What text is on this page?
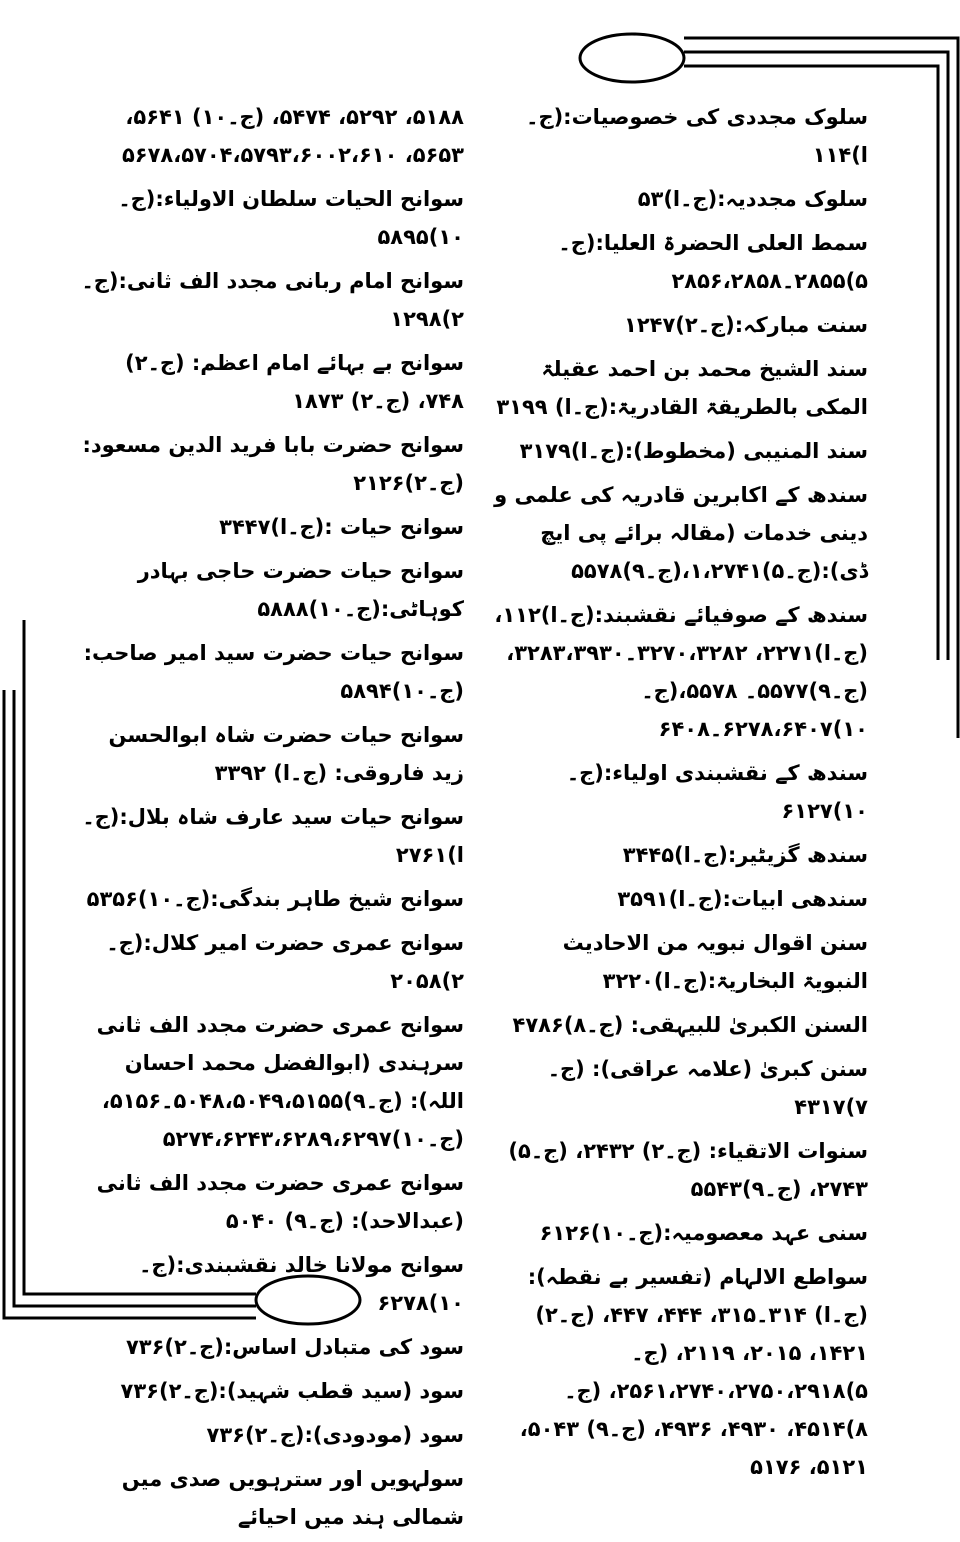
سلوک مجددی کی خصوصیات:(ج۔ا)۱۱۴
سلوک مجددیہ:(ج۔ا)۵۳
سمط العلی الحضرۃ العلیا:(ج۔۵)۲۸۵۵۔۲۸۵۶،۲۸۵۸
سنت مبارکہ:(ج۔۲)۱۲۴۷
سند الشیخ محمد بن احمد عقیلۃ المکی بالطریقۃ القادریۃ:(ج۔ا) ۳۱۹۹
سند المنیبی (مخطوط):(ج۔ا)۳۱۷۹
سندھ کے اکابرین قادریہ کی علمی و دینی خدمات (مقالہ برائے پی ایچ ڈی):(ج۔۵)۱،۲۷۴۱،(ج۔۹)۵۵۷۸
سندھ کے صوفیائے نقشبند:(ج۔ا)۱۱۲،(ج۔ا)۲۲۷۱، ۳۲۷۰،۳۲۸۲۔۳۲۸۳،۳۹۳۰،(ج۔۹)۵۵۷۷۔ ۵۵۷۸،(ج۔۱۰)۶۲۷۸،۶۴۰۷۔۶۴۰۸
سندھ کے نقشبندی اولیاء:(ج۔۱۰)۶۱۲۷
سندھ گزیٹیر:(ج۔ا)۳۴۴۵
سندھی ابیات:(ج۔ا)۳۵۹۱
سنن اقوال نبویہ من الاحادیث النبویۃ البخاریۃ:(ج۔ا)۳۲۲۰
السنن الکبریٰ للبیہقی: (ج۔۸)۴۷۸۶
سنن کبریٰ (علامہ عراقی): (ج۔۷)۴۳۱۷
سنوات الاتقیاء: (ج۔۲) ۲۴۳۲، (ج۔۵) ۲۷۴۳، (ج۔۹)۵۵۴۳
سنی عہد معصومیہ:(ج۔۱۰)۶۱۲۶
سواطع الالہام (تفسیر بے نقطہ): (ج۔ا) ۳۱۴۔۳۱۵، ۴۴۴، ۴۴۷، (ج۔۲) ۱۴۲۱، ۲۰۱۵، ۲۱۱۹، (ج۔۵)۲۵۶۱،۲۷۴۰،۲۷۵۰،۲۹۱۸، (ج۔۸)۴۵۱۴، ۴۹۳۰، ۴۹۳۶، (ج۔۹) ۵۰۴۳، ۵۱۲۱، ۵۱۷۶
۵۱۸۸، ۵۲۹۲، ۵۴۷۴، (ج۔۱۰) ۵۶۴۱، ۵۶۵۳، ۵۶۷۸،۵۷۰۴،۵۷۹۳،۶۰۰۲،۶۱۰
سوانح الحیات سلطان الاولیاء:(ج۔۱۰)۵۸۹۵
سوانح امام ربانی مجدد الف ثانی:(ج۔۲)۱۲۹۸
سوانح بے بہائے امام اعظم: (ج۔۲) ۷۴۸، (ج۔۲) ۱۸۷۳
سوانح حضرت بابا فرید الدین مسعود:(ج۔۲)۲۱۲۶
سوانح حیات :(ج۔ا)۳۴۴۷
سوانح حیات حضرت حاجی بہادر کوہاٹی:(ج۔۱۰)۵۸۸۸
سوانح حیات حضرت سید امیر صاحب:(ج۔۱۰)۵۸۹۴
سوانح حیات حضرت شاہ ابوالحسن زید فاروقی: (ج۔ا) ۳۳۹۲
سوانح حیات سید عارف شاہ بلال:(ج۔ا)۲۷۶۱
سوانح شیخ طاہر بندگی:(ج۔۱۰)۵۳۵۶
سوانح عمری حضرت امیر کلال:(ج۔۲)۲۰۵۸
سوانح عمری حضرت مجدد الف ثانی سرہندی (ابوالفضل محمد احسان اللہ): (ج۔۹)۵۰۴۸،۵۰۴۹،۵۱۵۵۔۵۱۵۶، (ج۔۱۰)۵۲۷۴،۶۲۴۳،۶۲۸۹،۶۲۹۷
سوانح عمری حضرت مجدد الف ثانی (عبدالاحد): (ج۔۹) ۵۰۴۰
سوانح مولانا خالد نقشبندی:(ج۔۱۰)۶۲۷۸
سود کی متبادل اساس:(ج۔۲)۷۳۶
سود (سید قطب شہید):(ج۔۲)۷۳۶
سود (مودودی):(ج۔۲)۷۳۶
سولہویں اور سترہویں صدی میں شمالی ہند میں احیائے
